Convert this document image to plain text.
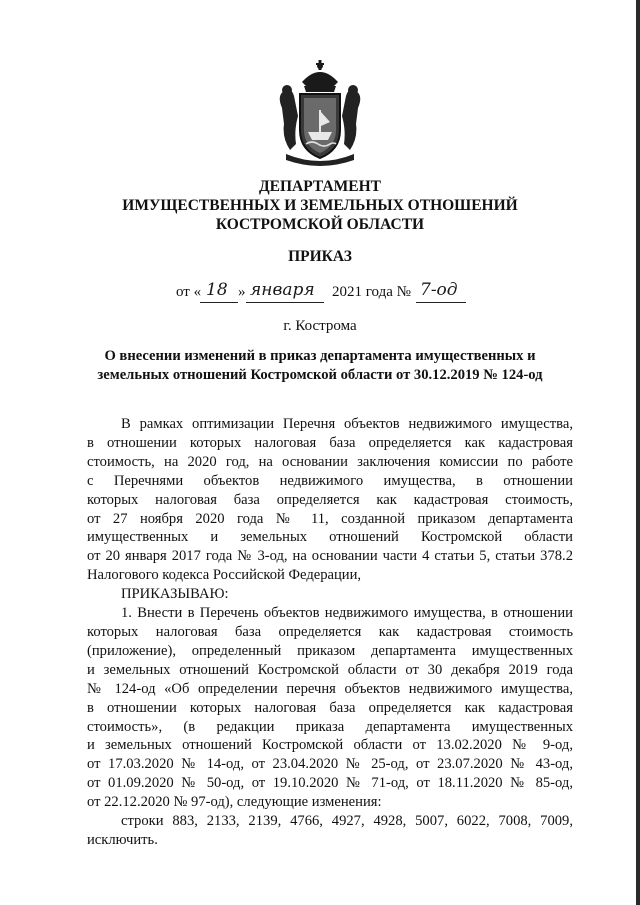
ДЕПАРТАМЕНТ
ИМУЩЕСТВЕННЫХ И ЗЕМЕЛЬНЫХ ОТНОШЕНИЙ
КОСТРОМСКОЙ ОБЛАСТИ
ПРИКАЗ
от « 18 » января 2021 года № 7-од
г. Кострома
О внесении изменений в приказ департамента имущественных и
земельных отношений Костромской области от 30.12.2019 № 124-од

В рамках оптимизации Перечня объектов недвижимого имущества,

в отношении которых налоговая база определяется как кадастровая

стоимость, на 2020 год, на основании заключения комиссии по работе

с Перечнями объектов недвижимого имущества, в отношении

которых налоговая база определяется как кадастровая стоимость,

от 27 ноября 2020 года № 11, созданной приказом департамента

имущественных и земельных отношений Костромской области

от 20 января 2017 года № 3-од, на основании части 4 статьи 5, статьи 378.2

Налогового кодекса Российской Федерации,

ПРИКАЗЫВАЮ:

1. Внести в Перечень объектов недвижимого имущества, в отношении

которых налоговая база определяется как кадастровая стоимость

(приложение), определенный приказом департамента имущественных

и земельных отношений Костромской области от 30 декабря 2019 года

№ 124-од «Об определении перечня объектов недвижимого имущества,

в отношении которых налоговая база определяется как кадастровая

стоимость», (в редакции приказа департамента имущественных

и земельных отношений Костромской области от 13.02.2020 № 9-од,

от 17.03.2020 № 14-од, от 23.04.2020 № 25-од, от 23.07.2020 № 43-од,

от 01.09.2020 № 50-од, от 19.10.2020 № 71-од, от 18.11.2020 № 85-од,

от 22.12.2020 № 97-од), следующие изменения:

строки 883, 2133, 2139, 4766, 4927, 4928, 5007, 6022, 7008, 7009,

исключить.
